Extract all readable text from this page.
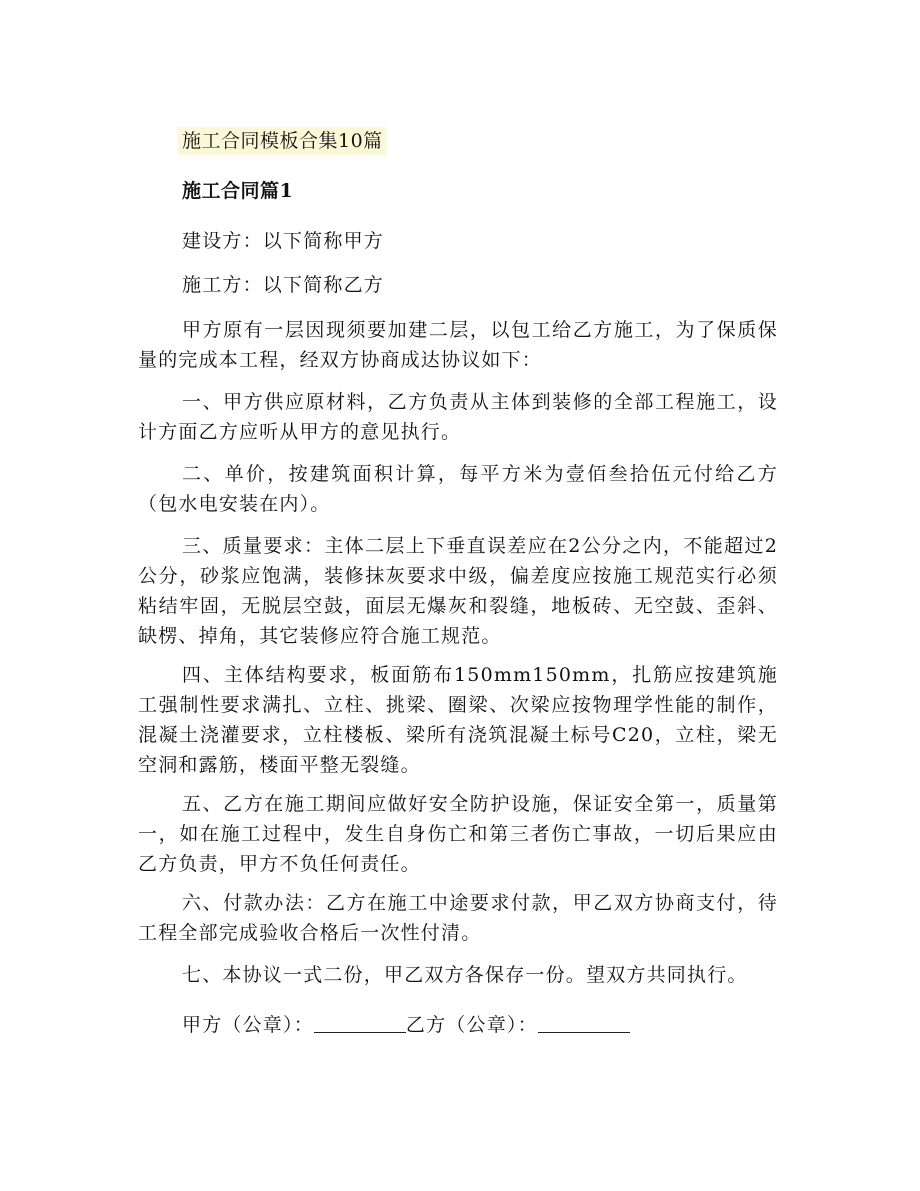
施工合同模板合集10篇
施工合同篇1

建设方：以下简称甲方

施工方：以下简称乙方

甲方原有一层因现须要加建二层，以包工给乙方施工，为了保质保量的完成本工程，经双方协商成达协议如下：

一、甲方供应原材料，乙方负责从主体到装修的全部工程施工，设计方面乙方应听从甲方的意见执行。

二、单价，按建筑面积计算，每平方米为壹佰叁拾伍元付给乙方（包水电安装在内）。

三、质量要求：主体二层上下垂直误差应在2公分之内，不能超过2公分，砂浆应饱满，装修抹灰要求中级，偏差度应按施工规范实行必须粘结牢固，无脱层空鼓，面层无爆灰和裂缝，地板砖、无空鼓、歪斜、缺楞、掉角，其它装修应符合施工规范。

四、主体结构要求，板面筋布150mm150mm，扎筋应按建筑施工强制性要求满扎、立柱、挑梁、圈梁、次梁应按物理学性能的制作，混凝土浇灌要求，立柱楼板、梁所有浇筑混凝土标号C20，立柱，梁无空洞和露筋，楼面平整无裂缝。

五、乙方在施工期间应做好安全防护设施，保证安全第一，质量第一，如在施工过程中，发生自身伤亡和第三者伤亡事故，一切后果应由乙方负责，甲方不负任何责任。

六、付款办法：乙方在施工中途要求付款，甲乙双方协商支付，待工程全部完成验收合格后一次性付清。

七、本协议一式二份，甲乙双方各保存一份。望双方共同执行。

甲方（公章）：	乙方（公章）：
